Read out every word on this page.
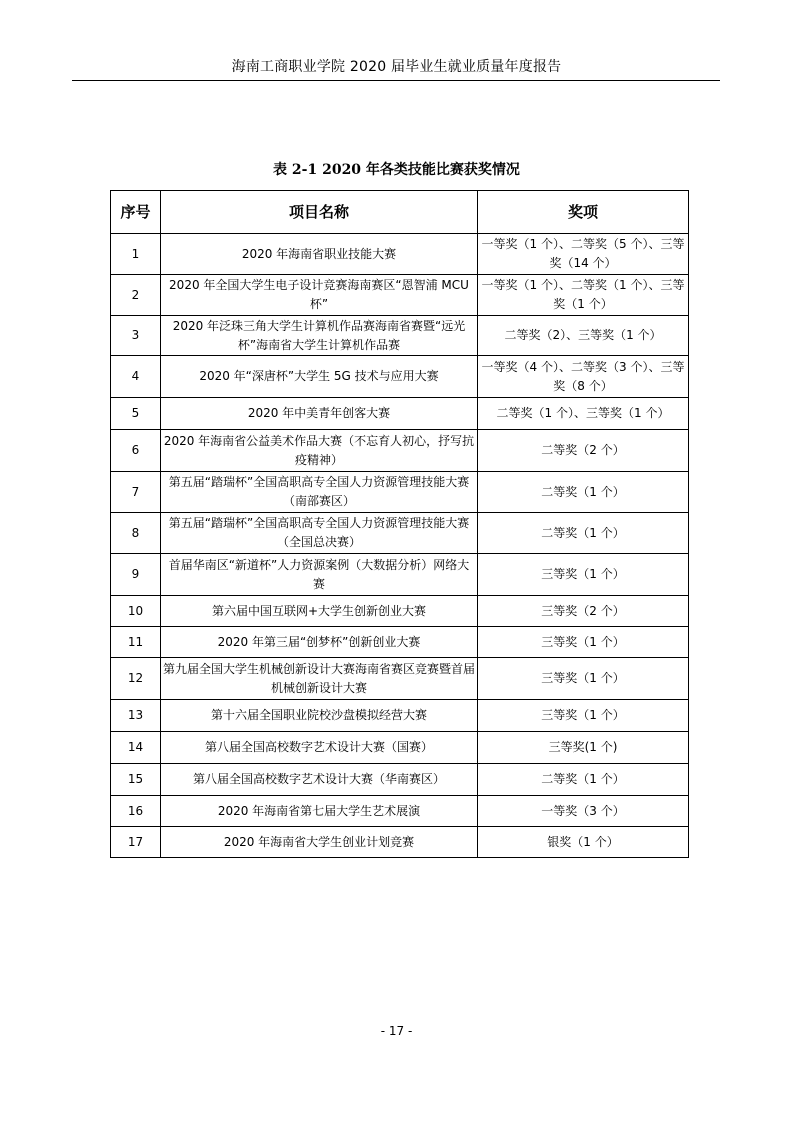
海南工商职业学院 2020 届毕业生就业质量年度报告
表 2-1 2020 年各类技能比赛获奖情况
序号	项目名称	奖项
1	2020 年海南省职业技能大赛	一等奖（1 个）、二等奖（5 个）、三等奖（14 个）
2	2020 年全国大学生电子设计竞赛海南赛区“恩智浦 MCU 杯”	一等奖（1 个）、二等奖（1 个）、三等奖（1 个）
3	2020 年泛珠三角大学生计算机作品赛海南省赛暨“远光杯”海南省大学生计算机作品赛	二等奖（2）、三等奖（1 个）
4	2020 年“深唐杯”大学生 5G 技术与应用大赛	一等奖（4 个）、二等奖（3 个）、三等奖（8 个）
5	2020 年中美青年创客大赛	二等奖（1 个）、三等奖（1 个）
6	2020 年海南省公益美术作品大赛（不忘育人初心，抒写抗疫精神）	二等奖（2 个）
7	第五届“踏瑞杯”全国高职高专全国人力资源管理技能大赛（南部赛区）	二等奖（1 个）
8	第五届“踏瑞杯”全国高职高专全国人力资源管理技能大赛（全国总决赛）	二等奖（1 个）
9	首届华南区“新道杯”人力资源案例（大数据分析）网络大赛	三等奖（1 个）
10	第六届中国互联网+大学生创新创业大赛	三等奖（2 个）
11	2020 年第三届“创梦杯”创新创业大赛	三等奖（1 个）
12	第九届全国大学生机械创新设计大赛海南省赛区竞赛暨首届机械创新设计大赛	三等奖（1 个）
13	第十六届全国职业院校沙盘模拟经营大赛	三等奖（1 个）
14	第八届全国高校数字艺术设计大赛（国赛）	三等奖(1 个)
15	第八届全国高校数字艺术设计大赛（华南赛区）	二等奖（1 个）
16	2020 年海南省第七届大学生艺术展演	一等奖（3 个）
17	2020 年海南省大学生创业计划竞赛	银奖（1 个）
- 17 -
